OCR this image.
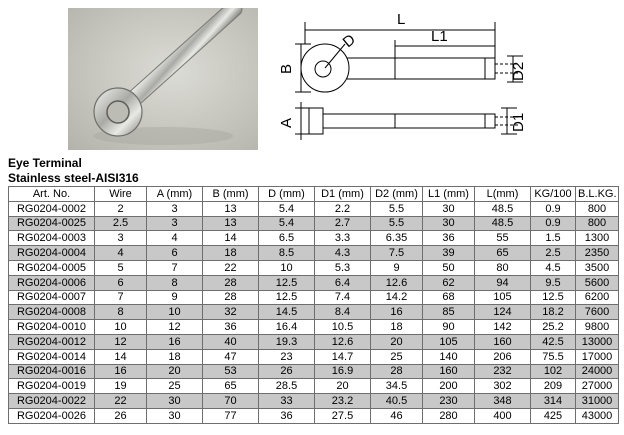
L
L1
D
B	D2
A	D1
Eye Terminal
Stainless steel-AISI316
Art. No.	Wire	A (mm)	B (mm)	D (mm)	D1 (mm)	D2 (mm)	L1 (mm)	L(mm)	KG/100	B.L.KG.
RG0204-0002	2	3	13	5.4	2.2	5.5	30	48.5	0.9	800
RG0204-0025	2.5	3	13	5.4	2.7	5.5	30	48.5	0.9	800
RG0204-0003	3	4	14	6.5	3.3	6.35	36	55	1.5	1300
RG0204-0004	4	6	18	8.5	4.3	7.5	39	65	2.5	2350
RG0204-0005	5	7	22	10	5.3	9	50	80	4.5	3500
RG0204-0006	6	8	28	12.5	6.4	12.6	62	94	9.5	5600
RG0204-0007	7	9	28	12.5	7.4	14.2	68	105	12.5	6200
RG0204-0008	8	10	32	14.5	8.4	16	85	124	18.2	7600
RG0204-0010	10	12	36	16.4	10.5	18	90	142	25.2	9800
RG0204-0012	12	16	40	19.3	12.6	20	105	160	42.5	13000
RG0204-0014	14	18	47	23	14.7	25	140	206	75.5	17000
RG0204-0016	16	20	53	26	16.9	28	160	232	102	24000
RG0204-0019	19	25	65	28.5	20	34.5	200	302	209	27000
RG0204-0022	22	30	70	33	23.2	40.5	230	348	314	31000
RG0204-0026	26	30	77	36	27.5	46	280	400	425	43000
